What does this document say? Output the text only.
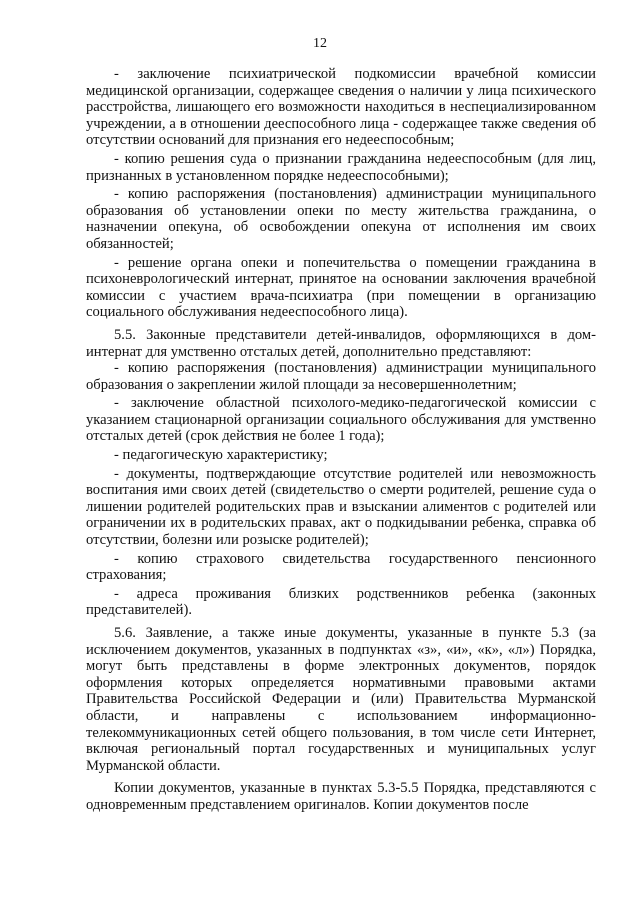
12

- заключение психиатрической подкомиссии врачебной комиссии медицинской организации, содержащее сведения о наличии у лица психического расстройства, лишающего его возможности находиться в неспециализированном учреждении, а в отношении дееспособного лица - содержащее также сведения об отсутствии оснований для признания его недееспособным;

- копию решения суда о признании гражданина недееспособным (для лиц, признанных в установленном порядке недееспособными);

- копию распоряжения (постановления) администрации муниципального образования об установлении опеки по месту жительства гражданина, о назначении опекуна, об освобождении опекуна от исполнения им своих обязанностей;

- решение органа опеки и попечительства о помещении гражданина в психоневрологический интернат, принятое на основании заключения врачебной комиссии с участием врача-психиатра (при помещении в организацию социального обслуживания недееспособного лица).

5.5. Законные представители детей-инвалидов, оформляющихся в дом-интернат для умственно отсталых детей, дополнительно представляют:

- копию распоряжения (постановления) администрации муниципального образования о закреплении жилой площади за несовершеннолетним;

- заключение областной психолого-медико-педагогической комиссии с указанием стационарной организации социального обслуживания для умственно отсталых детей (срок действия не более 1 года);

- педагогическую характеристику;

- документы, подтверждающие отсутствие родителей или невозможность воспитания ими своих детей (свидетельство о смерти родителей, решение суда о лишении родителей родительских прав и взыскании алиментов с родителей или ограничении их в родительских правах, акт о подкидывании ребенка, справка об отсутствии, болезни или розыске родителей);

- копию страхового свидетельства государственного пенсионного страхования;

- адреса проживания близких родственников ребенка (законных представителей).

5.6. Заявление, а также иные документы, указанные в пункте 5.3 (за исключением документов, указанных в подпунктах «з», «и», «к», «л») Порядка, могут быть представлены в форме электронных документов, порядок оформления которых определяется нормативными правовыми актами Правительства Российской Федерации и (или) Правительства Мурманской области, и направлены с использованием информационно-телекоммуникационных сетей общего пользования, в том числе сети Интернет, включая региональный портал государственных и муниципальных услуг Мурманской области.

Копии документов, указанные в пунктах 5.3-5.5 Порядка, представляются с одновременным представлением оригиналов. Копии документов после
